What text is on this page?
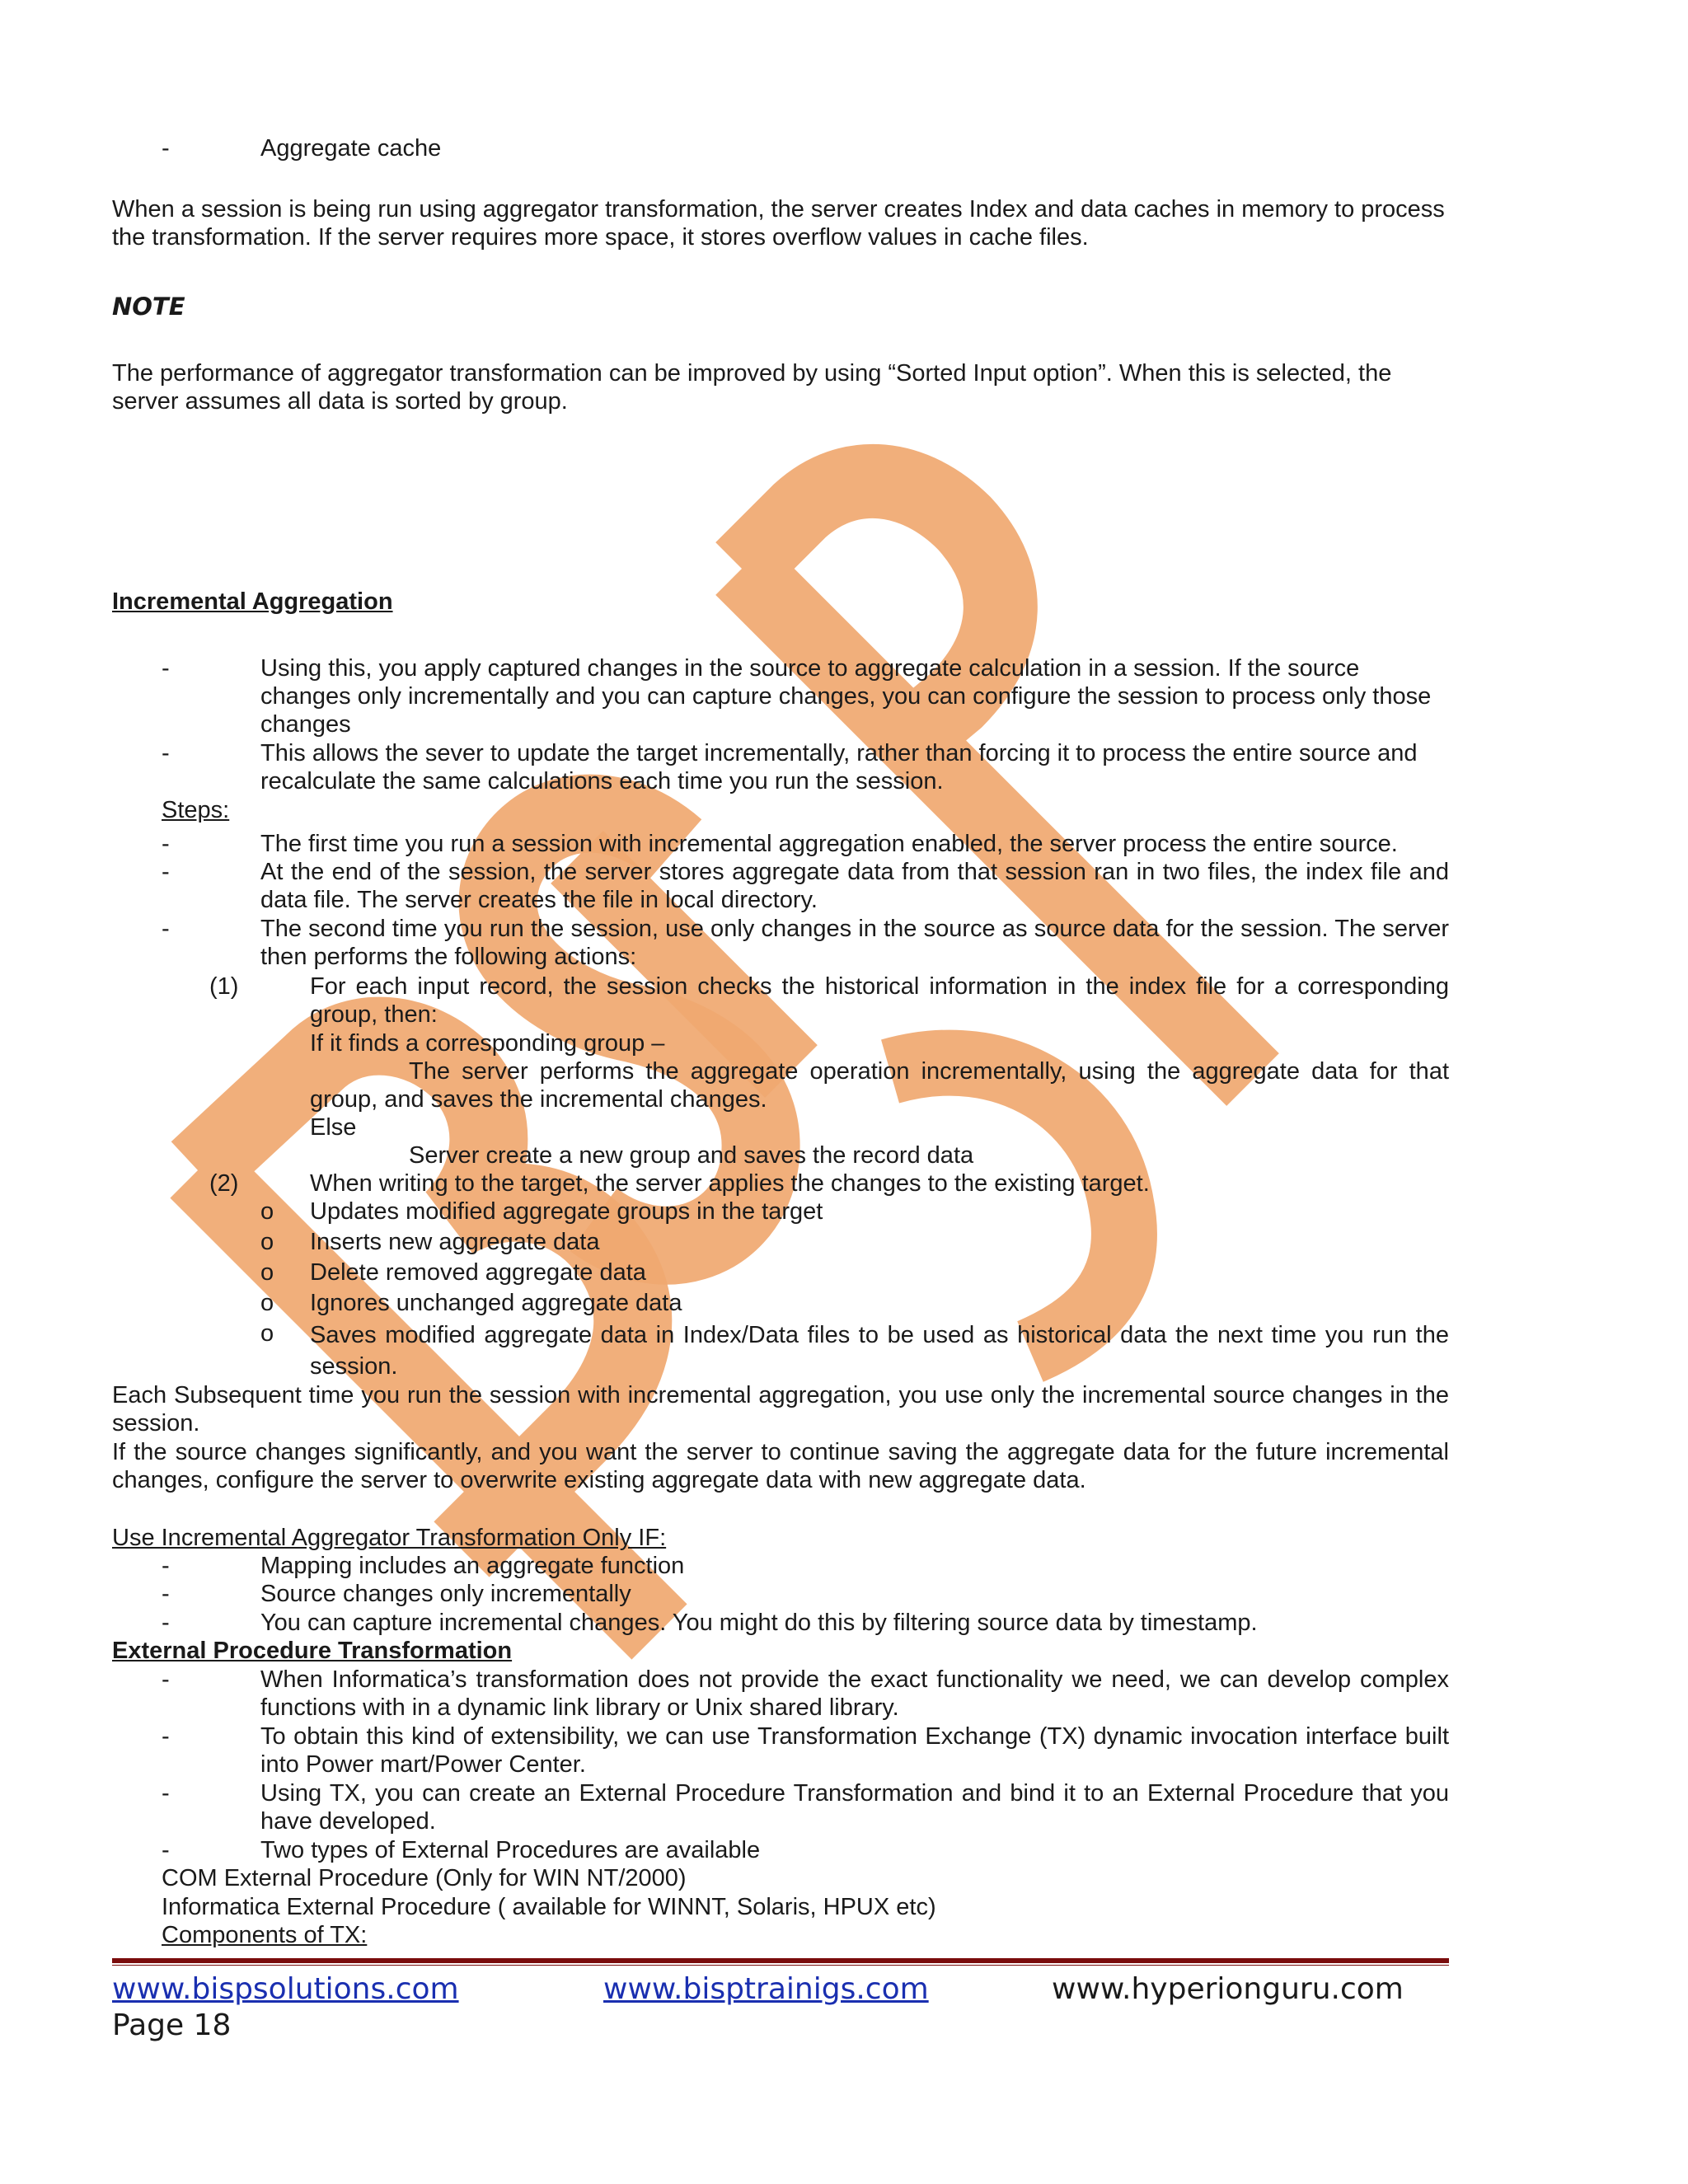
-	Aggregate cache
When a session is being run using aggregator transformation, the server creates Index and data caches in memory to process the transformation. If the server requires more space, it stores overflow values in cache files.
NOTE
The performance of aggregator transformation can be improved by using “Sorted Input option”. When this is selected, the server assumes all data is sorted by group.
Incremental Aggregation
-	Using this, you apply captured changes in the source to aggregate calculation in a session. If the source changes only incrementally and you can capture changes, you can configure the session to process only those changes
-	This allows the sever to update the target incrementally, rather than forcing it to process the entire source and recalculate the same calculations each time you run the session.
Steps:
-	The first time you run a session with incremental aggregation enabled, the server process the entire source.
-	At the end of the session, the server stores aggregate data from that session ran in two files, the index file and data file. The server creates the file in local directory.
-	The second time you run the session, use only changes in the source as source data for the session. The server then performs the following actions:
(1)	For each input record, the session checks the historical information in the index file for a corresponding group, then:
If it finds a corresponding group –
The server performs the aggregate operation incrementally, using the aggregate data for that
group, and saves the incremental changes.
Else
Server create a new group and saves the record data
(2)	When writing to the target, the server applies the changes to the existing target.
o Updates modified aggregate groups in the target
o Inserts new aggregate data
o Delete removed aggregate data
o Ignores unchanged aggregate data
o Saves modified aggregate data in Index/Data files to be used as historical data the next time you run the session.
Each Subsequent time you run the session with incremental aggregation, you use only the incremental source changes in the session.
If the source changes significantly, and you want the server to continue saving the aggregate data for the future incremental changes, configure the server to overwrite existing aggregate data with new aggregate data.
Use Incremental Aggregator Transformation Only IF:
-	Mapping includes an aggregate function
-	Source changes only incrementally
-	You can capture incremental changes. You might do this by filtering source data by timestamp.
External Procedure Transformation
-	When Informatica’s transformation does not provide the exact functionality we need, we can develop complex functions with in a dynamic link library or Unix shared library.
-	To obtain this kind of extensibility, we can use Transformation Exchange (TX) dynamic invocation interface built into Power mart/Power Center.
-	Using TX, you can create an External Procedure Transformation and bind it to an External Procedure that you have developed.
-	Two types of External Procedures are available
COM External Procedure (Only for WIN NT/2000)
Informatica External Procedure ( available for WINNT, Solaris, HPUX etc)
Components of TX:
www.bispsolutions.com	www.bisptrainigs.com	www.hyperionguru.com
Page 18
